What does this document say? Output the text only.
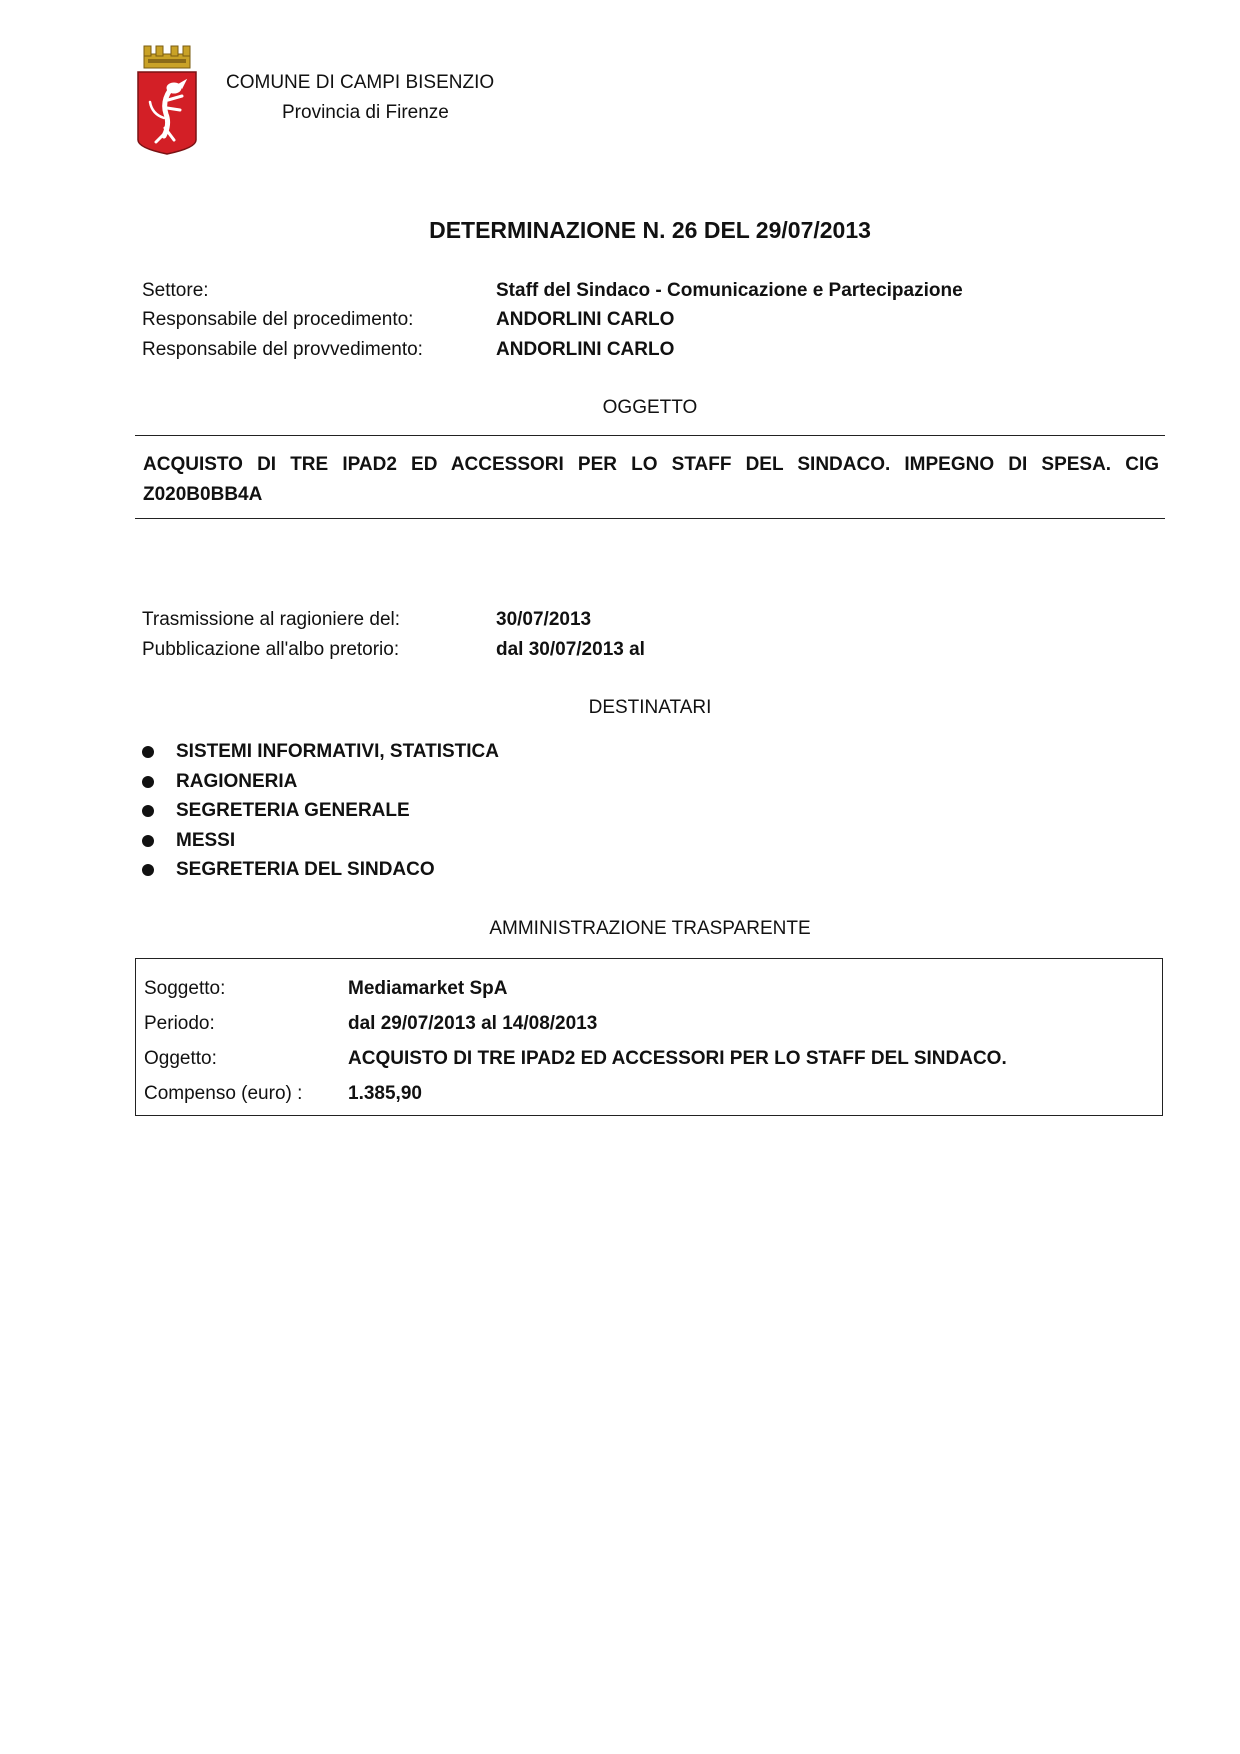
COMUNE DI CAMPI BISENZIO
Provincia di Firenze
DETERMINAZIONE N. 26 DEL 29/07/2013
Settore:	Staff del Sindaco - Comunicazione e Partecipazione
Responsabile del procedimento:	ANDORLINI CARLO
Responsabile del provvedimento:	ANDORLINI CARLO
OGGETTO
ACQUISTO DI TRE IPAD2 ED ACCESSORI PER LO STAFF DEL SINDACO. IMPEGNO DI SPESA. CIG Z020B0BB4A
Trasmissione al ragioniere del:	30/07/2013
Pubblicazione all'albo pretorio:	dal 30/07/2013 al
DESTINATARI
SISTEMI INFORMATIVI, STATISTICA
RAGIONERIA
SEGRETERIA GENERALE
MESSI
SEGRETERIA DEL SINDACO
AMMINISTRAZIONE TRASPARENTE
Soggetto:	Mediamarket SpA
Periodo:	dal 29/07/2013 al 14/08/2013
Oggetto:	ACQUISTO DI TRE IPAD2 ED ACCESSORI PER LO STAFF DEL SINDACO.
Compenso (euro) : 1.385,90
